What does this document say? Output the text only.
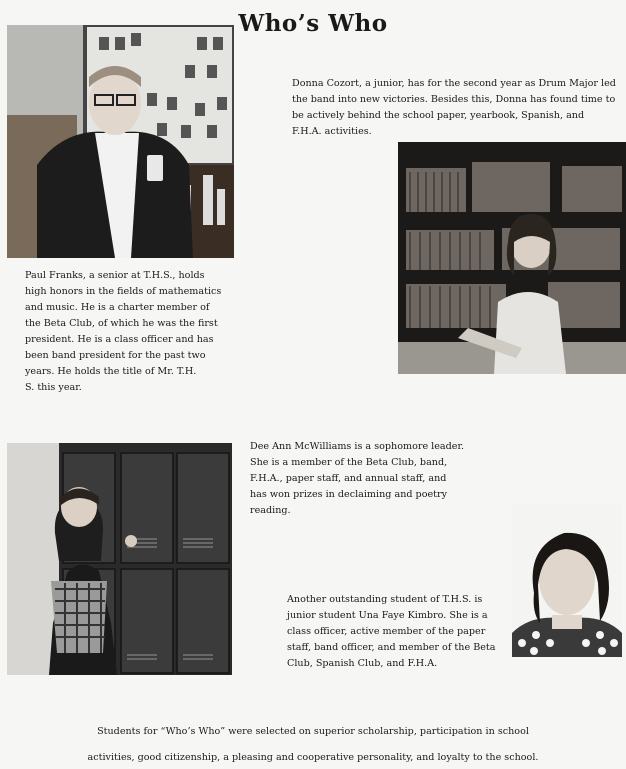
Who’s Who
Paul Franks, a senior at T.H.S., holds
high honors in the fields of mathematics
and music. He is a charter member of
the Beta Club, of which he was the first
president. He is a class officer and has
been band president for the past two
years. He holds the title of Mr. T.H.
S. this year.
Donna Cozort, a junior, has for the second year as Drum Major led
the band into new victories. Besides this, Donna has found time to
be actively behind the school paper, yearbook, Spanish, and
F.H.A. activities.
Dee Ann McWilliams is a sophomore leader.
She is a member of the Beta Club, band,
F.H.A., paper staff, and annual staff, and
has won prizes in declaiming and poetry
reading.
Another outstanding student of T.H.S. is
junior student Una Faye Kimbro. She is a
class officer, active member of the paper
staff, band officer, and member of the Beta
Club, Spanish Club, and F.H.A.
Students for “Who’s Who” were selected on superior scholarship, participation in school
activities, good citizenship, a pleasing and cooperative personality, and loyalty to the school.
